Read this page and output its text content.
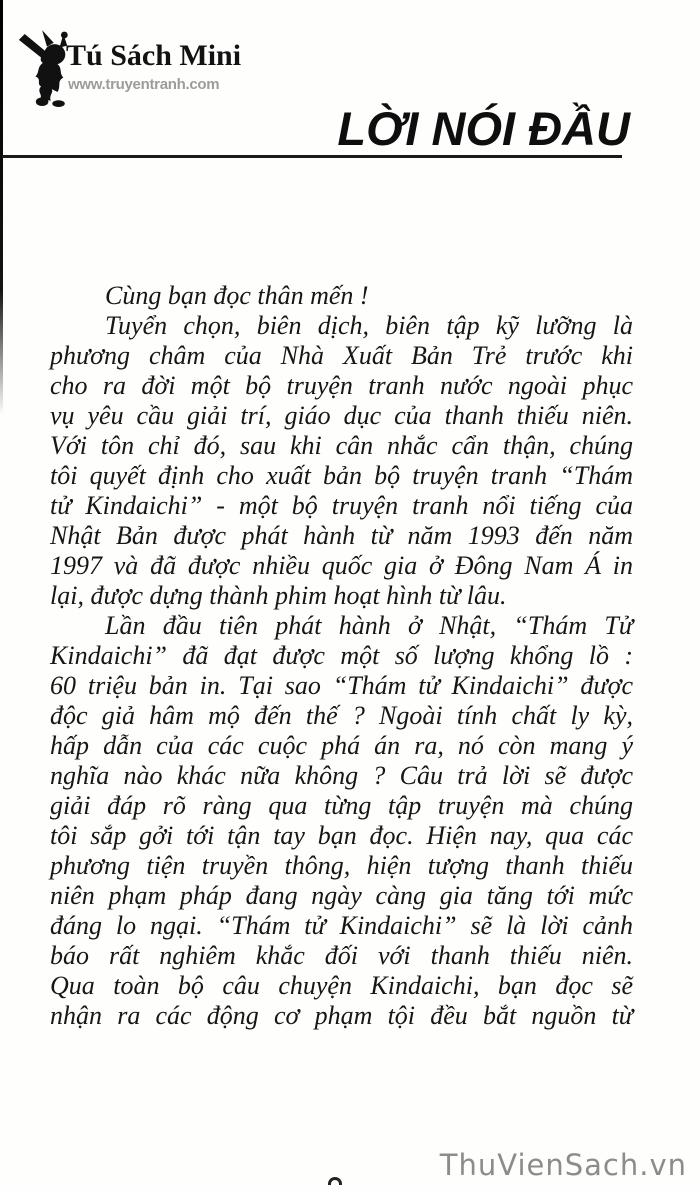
Tú Sách Mini
www.truyentranh.com
LỜI NÓI ĐẦU
Cùng bạn đọc thân mến !
Tuyển chọn, biên dịch, biên tập kỹ lưỡng là
phương châm của Nhà Xuất Bản Trẻ trước khi
cho ra đời một bộ truyện tranh nước ngoài phục
vụ yêu cầu giải trí, giáo dục của thanh thiếu niên.
Với tôn chỉ đó, sau khi cân nhắc cẩn thận, chúng
tôi quyết định cho xuất bản bộ truyện tranh “Thám
tử Kindaichi” - một bộ truyện tranh nổi tiếng của
Nhật Bản được phát hành từ năm 1993 đến năm
1997 và đã được nhiều quốc gia ở Đông Nam Á in
lại, được dựng thành phim hoạt hình từ lâu.
Lần đầu tiên phát hành ở Nhật, “Thám Tử
Kindaichi” đã đạt được một số lượng khổng lồ :
60 triệu bản in. Tại sao “Thám tử Kindaichi” được
độc giả hâm mộ đến thế ? Ngoài tính chất ly kỳ,
hấp dẫn của các cuộc phá án ra, nó còn mang ý
nghĩa nào khác nữa không ? Câu trả lời sẽ được
giải đáp rõ ràng qua từng tập truyện mà chúng
tôi sắp gởi tới tận tay bạn đọc. Hiện nay, qua các
phương tiện truyền thông, hiện tượng thanh thiếu
niên phạm pháp đang ngày càng gia tăng tới mức
đáng lo ngại. “Thám tử Kindaichi” sẽ là lời cảnh
báo rất nghiêm khắc đối với thanh thiếu niên.
Qua toàn bộ câu chuyện Kindaichi, bạn đọc sẽ
nhận ra các động cơ phạm tội đều bắt nguồn từ
ThuVienSach.vn
